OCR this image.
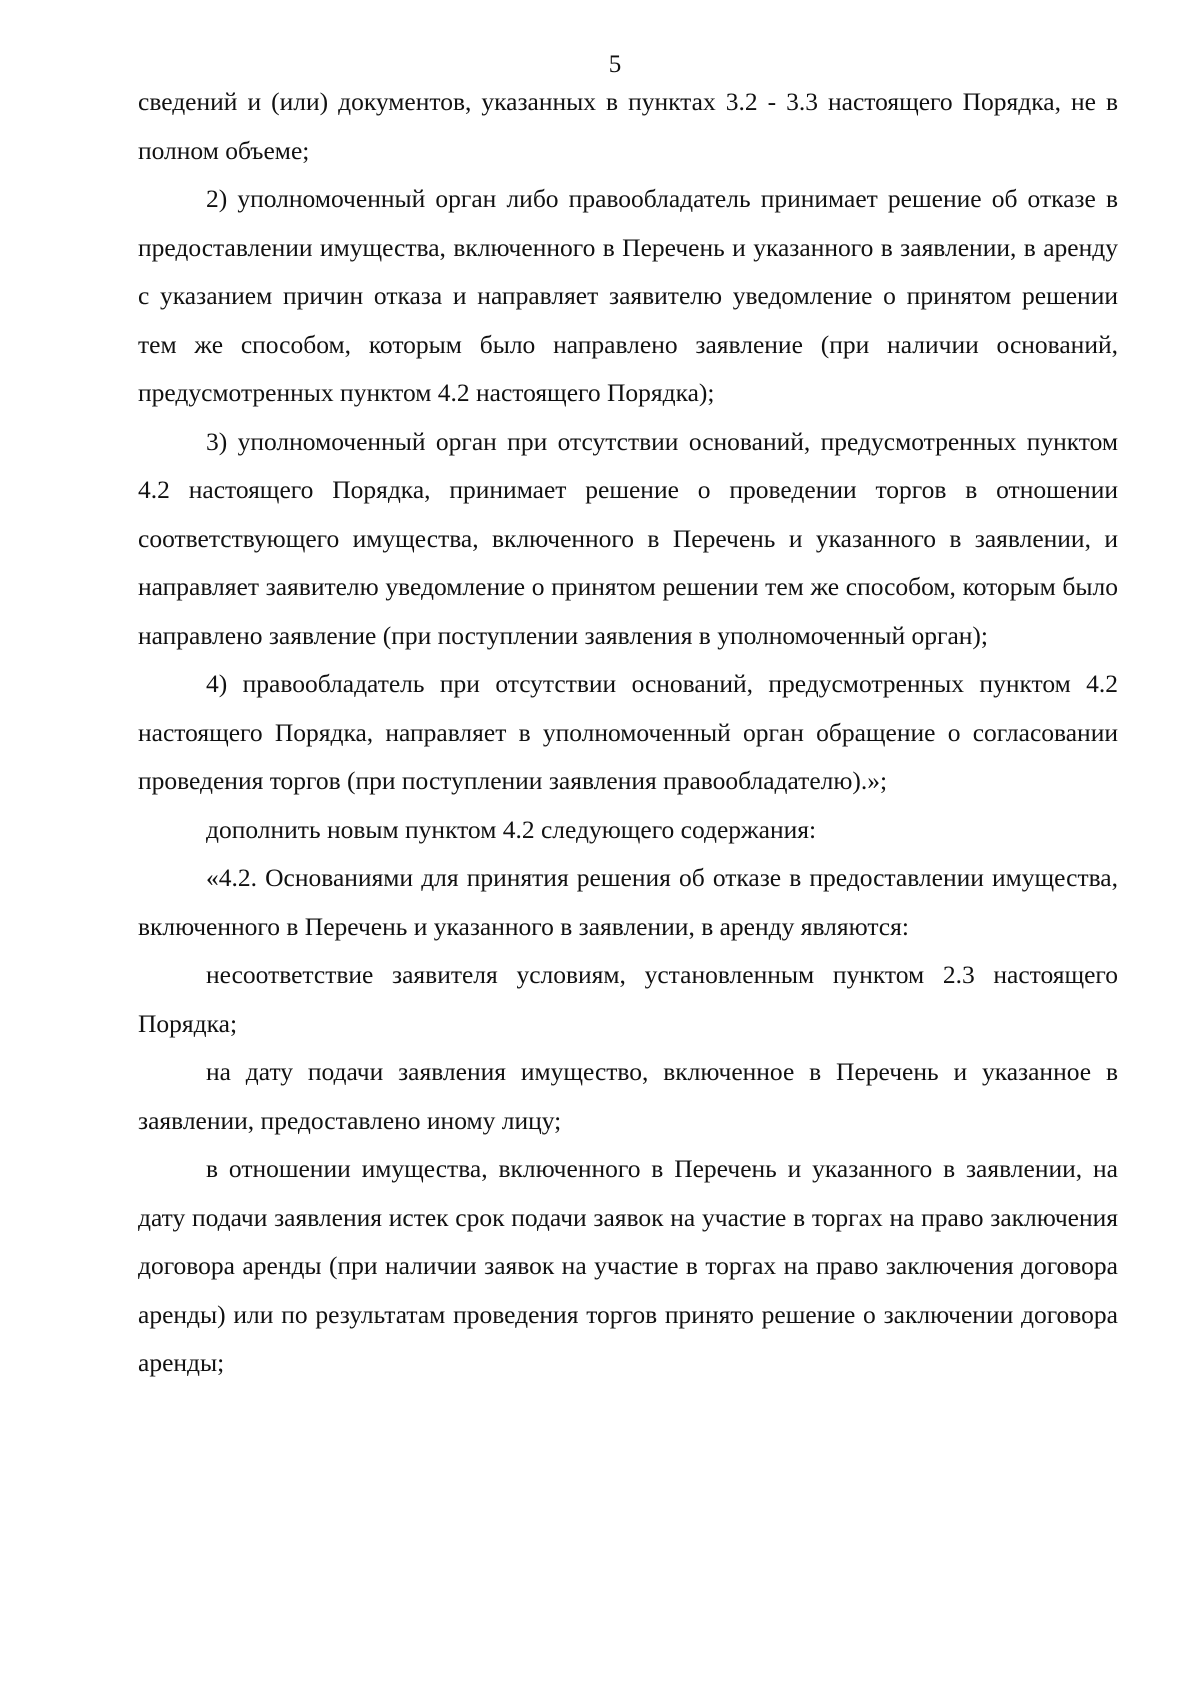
5

сведений и (или) документов, указанных в пунктах 3.2 - 3.3 настоящего Порядка, не в полном объеме;

2) уполномоченный орган либо правообладатель принимает решение об отказе в предоставлении имущества, включенного в Перечень и указанного в заявлении, в аренду с указанием причин отказа и направляет заявителю уведомление о принятом решении тем же способом, которым было направлено заявление (при наличии оснований, предусмотренных пунктом 4.2 настоящего Порядка);

3) уполномоченный орган при отсутствии оснований, предусмотренных пунктом 4.2 настоящего Порядка, принимает решение о проведении торгов в отношении соответствующего имущества, включенного в Перечень и указанного в заявлении, и направляет заявителю уведомление о принятом решении тем же способом, которым было направлено заявление (при поступлении заявления в уполномоченный орган);

4) правообладатель при отсутствии оснований, предусмотренных пунктом 4.2 настоящего Порядка, направляет в уполномоченный орган обращение о согласовании проведения торгов (при поступлении заявления правообладателю).»;

дополнить новым пунктом 4.2 следующего содержания:

«4.2. Основаниями для принятия решения об отказе в предоставлении имущества, включенного в Перечень и указанного в заявлении, в аренду являются:

несоответствие заявителя условиям, установленным пунктом 2.3 настоящего Порядка;

на дату подачи заявления имущество, включенное в Перечень и указанное в заявлении, предоставлено иному лицу;

в отношении имущества, включенного в Перечень и указанного в заявлении, на дату подачи заявления истек срок подачи заявок на участие в торгах на право заключения договора аренды (при наличии заявок на участие в торгах на право заключения договора аренды) или по результатам проведения торгов принято решение о заключении договора аренды;
